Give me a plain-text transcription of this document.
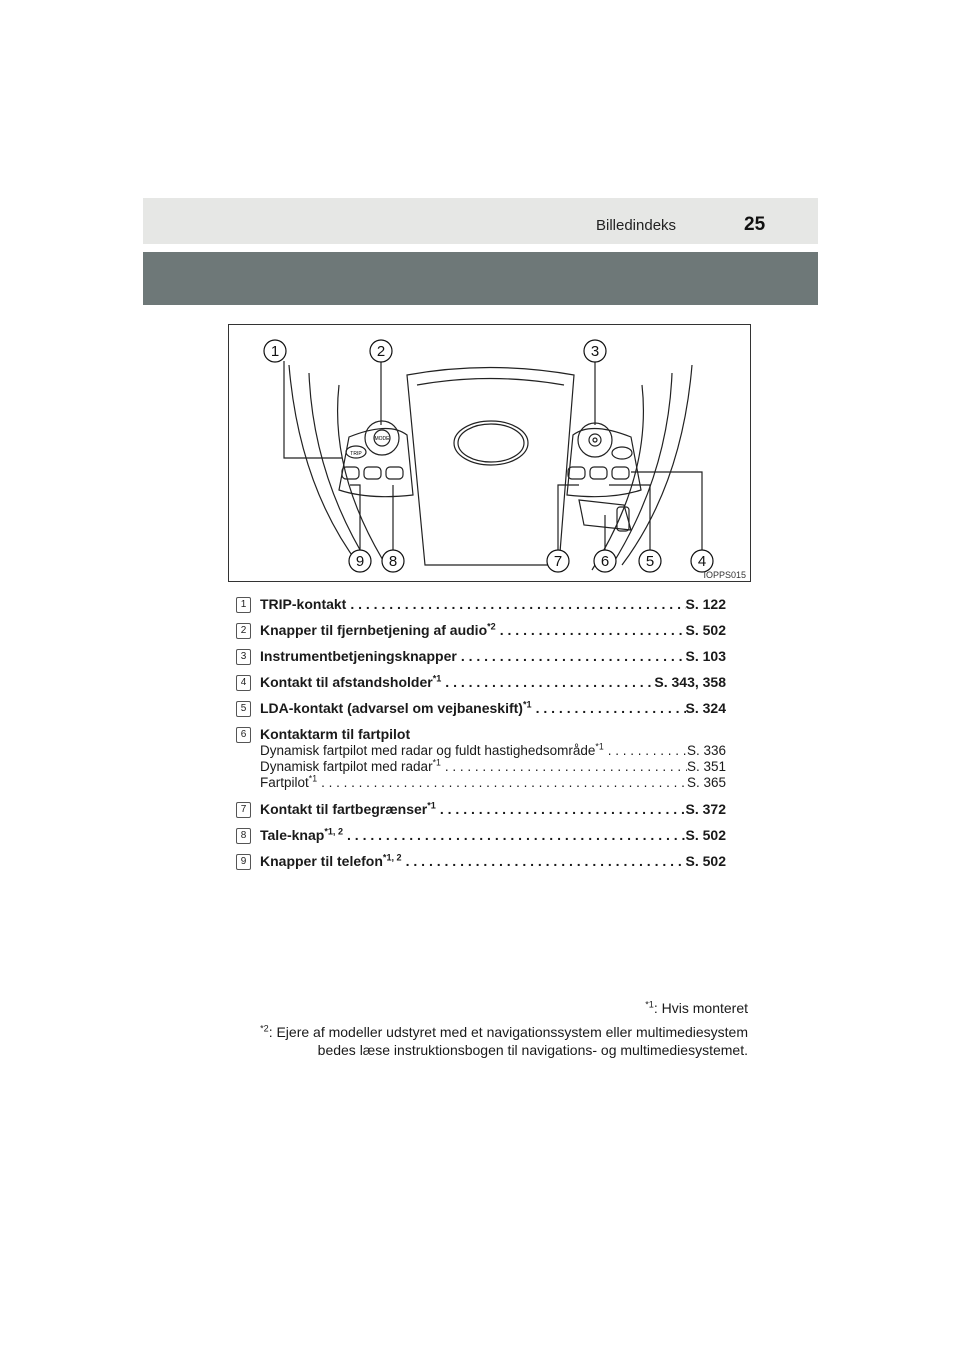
Billedindeks	25
1	2	3
4
5
6
7
8
9
TRIP
MODE
IOPPS015
1 TRIP-kontakt . . .	S. 122
2 Knapper til fjernbetjening af audio$^{*2}$ . . .	S. 502
3 Instrumentbetjeningsknapper . . .	S. 103
4 Kontakt til afstandsholder$^{*1}$ . . .	S. 343, 358
5 LDA-kontakt (advarsel om vejbaneskift)$^{*1}$ . . .	S. 324
6 Kontaktarm til fartpilot
Dynamisk fartpilot med radar og fuldt hastighedsområde$^{*1}$ . . .	S. 336
Dynamisk fartpilot med radar$^{*1}$ . . .	S. 351
Fartpilot$^{*1}$ . . .	S. 365
7 Kontakt til fartbegrænser$^{*1}$ . . .	S. 372
8 Tale-knap$^{*1, 2}$ . . .	S. 502
9 Knapper til telefon$^{*1, 2}$ . . .	S. 502
$^{*1}$: Hvis monteret
$^{*2}$: Ejere af modeller udstyret med et navigationssystem eller multimediesystem
bedes læse instruktionsbogen til navigations- og multimediesystemet.
